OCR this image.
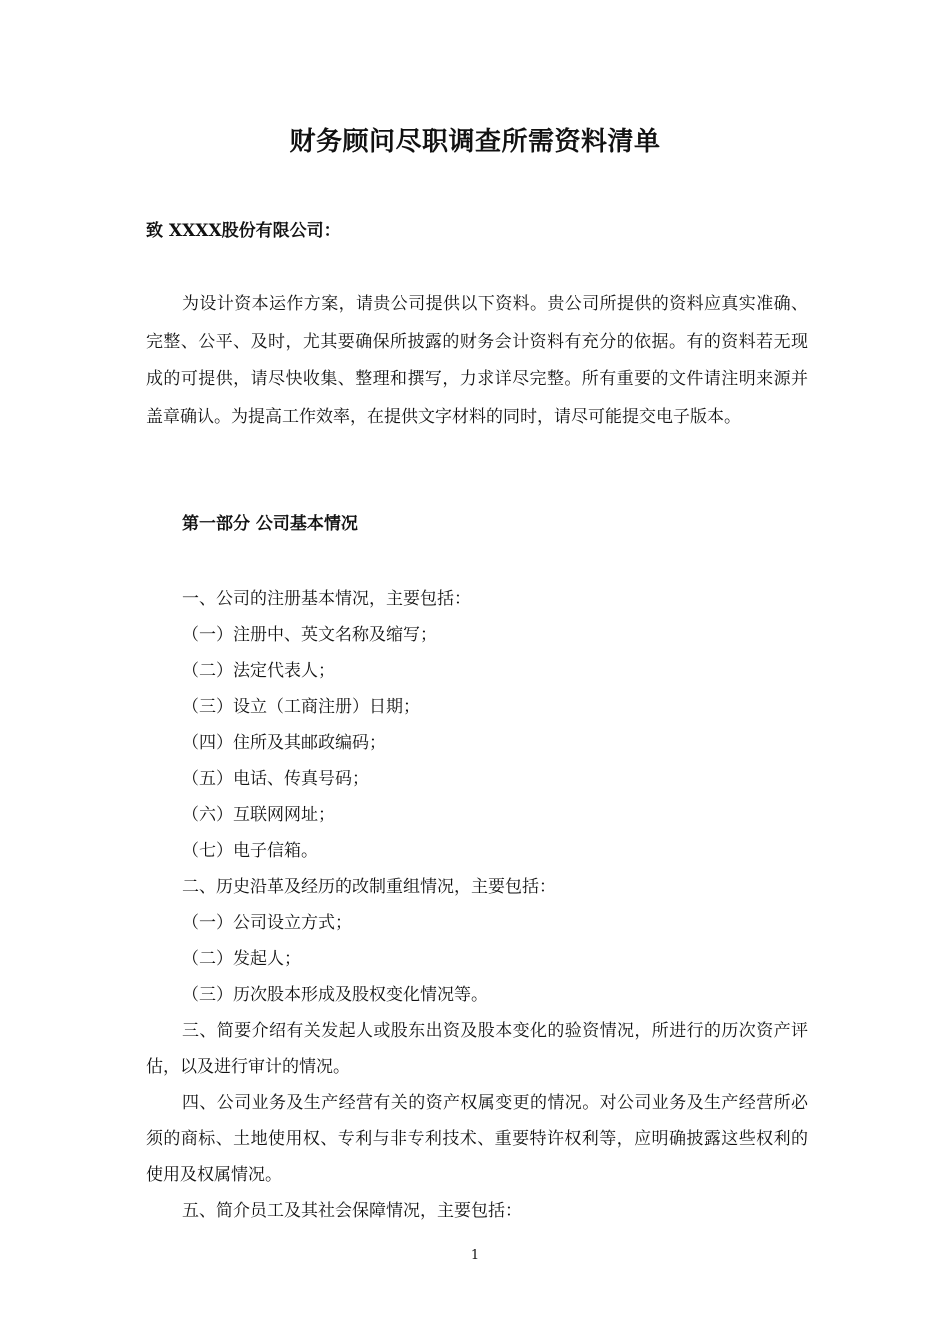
财务顾问尽职调查所需资料清单

致 XXXX股份有限公司：

为设计资本运作方案，请贵公司提供以下资料。贵公司所提供的资料应真实准确、完整、公平、及时，尤其要确保所披露的财务会计资料有充分的依据。有的资料若无现成的可提供，请尽快收集、整理和撰写，力求详尽完整。所有重要的文件请注明来源并盖章确认。为提高工作效率，在提供文字材料的同时，请尽可能提交电子版本。

第一部分 公司基本情况
一、公司的注册基本情况，主要包括：
（一）注册中、英文名称及缩写；
（二）法定代表人；
（三）设立（工商注册）日期；
（四）住所及其邮政编码；
（五）电话、传真号码；
（六）互联网网址；
（七）电子信箱。
二、历史沿革及经历的改制重组情况，主要包括：
（一）公司设立方式；
（二）发起人；
（三）历次股本形成及股权变化情况等。
三、简要介绍有关发起人或股东出资及股本变化的验资情况，所进行的历次资产评估，以及进行审计的情况。
四、公司业务及生产经营有关的资产权属变更的情况。对公司业务及生产经营所必须的商标、土地使用权、专利与非专利技术、重要特许权利等，应明确披露这些权利的使用及权属情况。
五、简介员工及其社会保障情况，主要包括：
1
